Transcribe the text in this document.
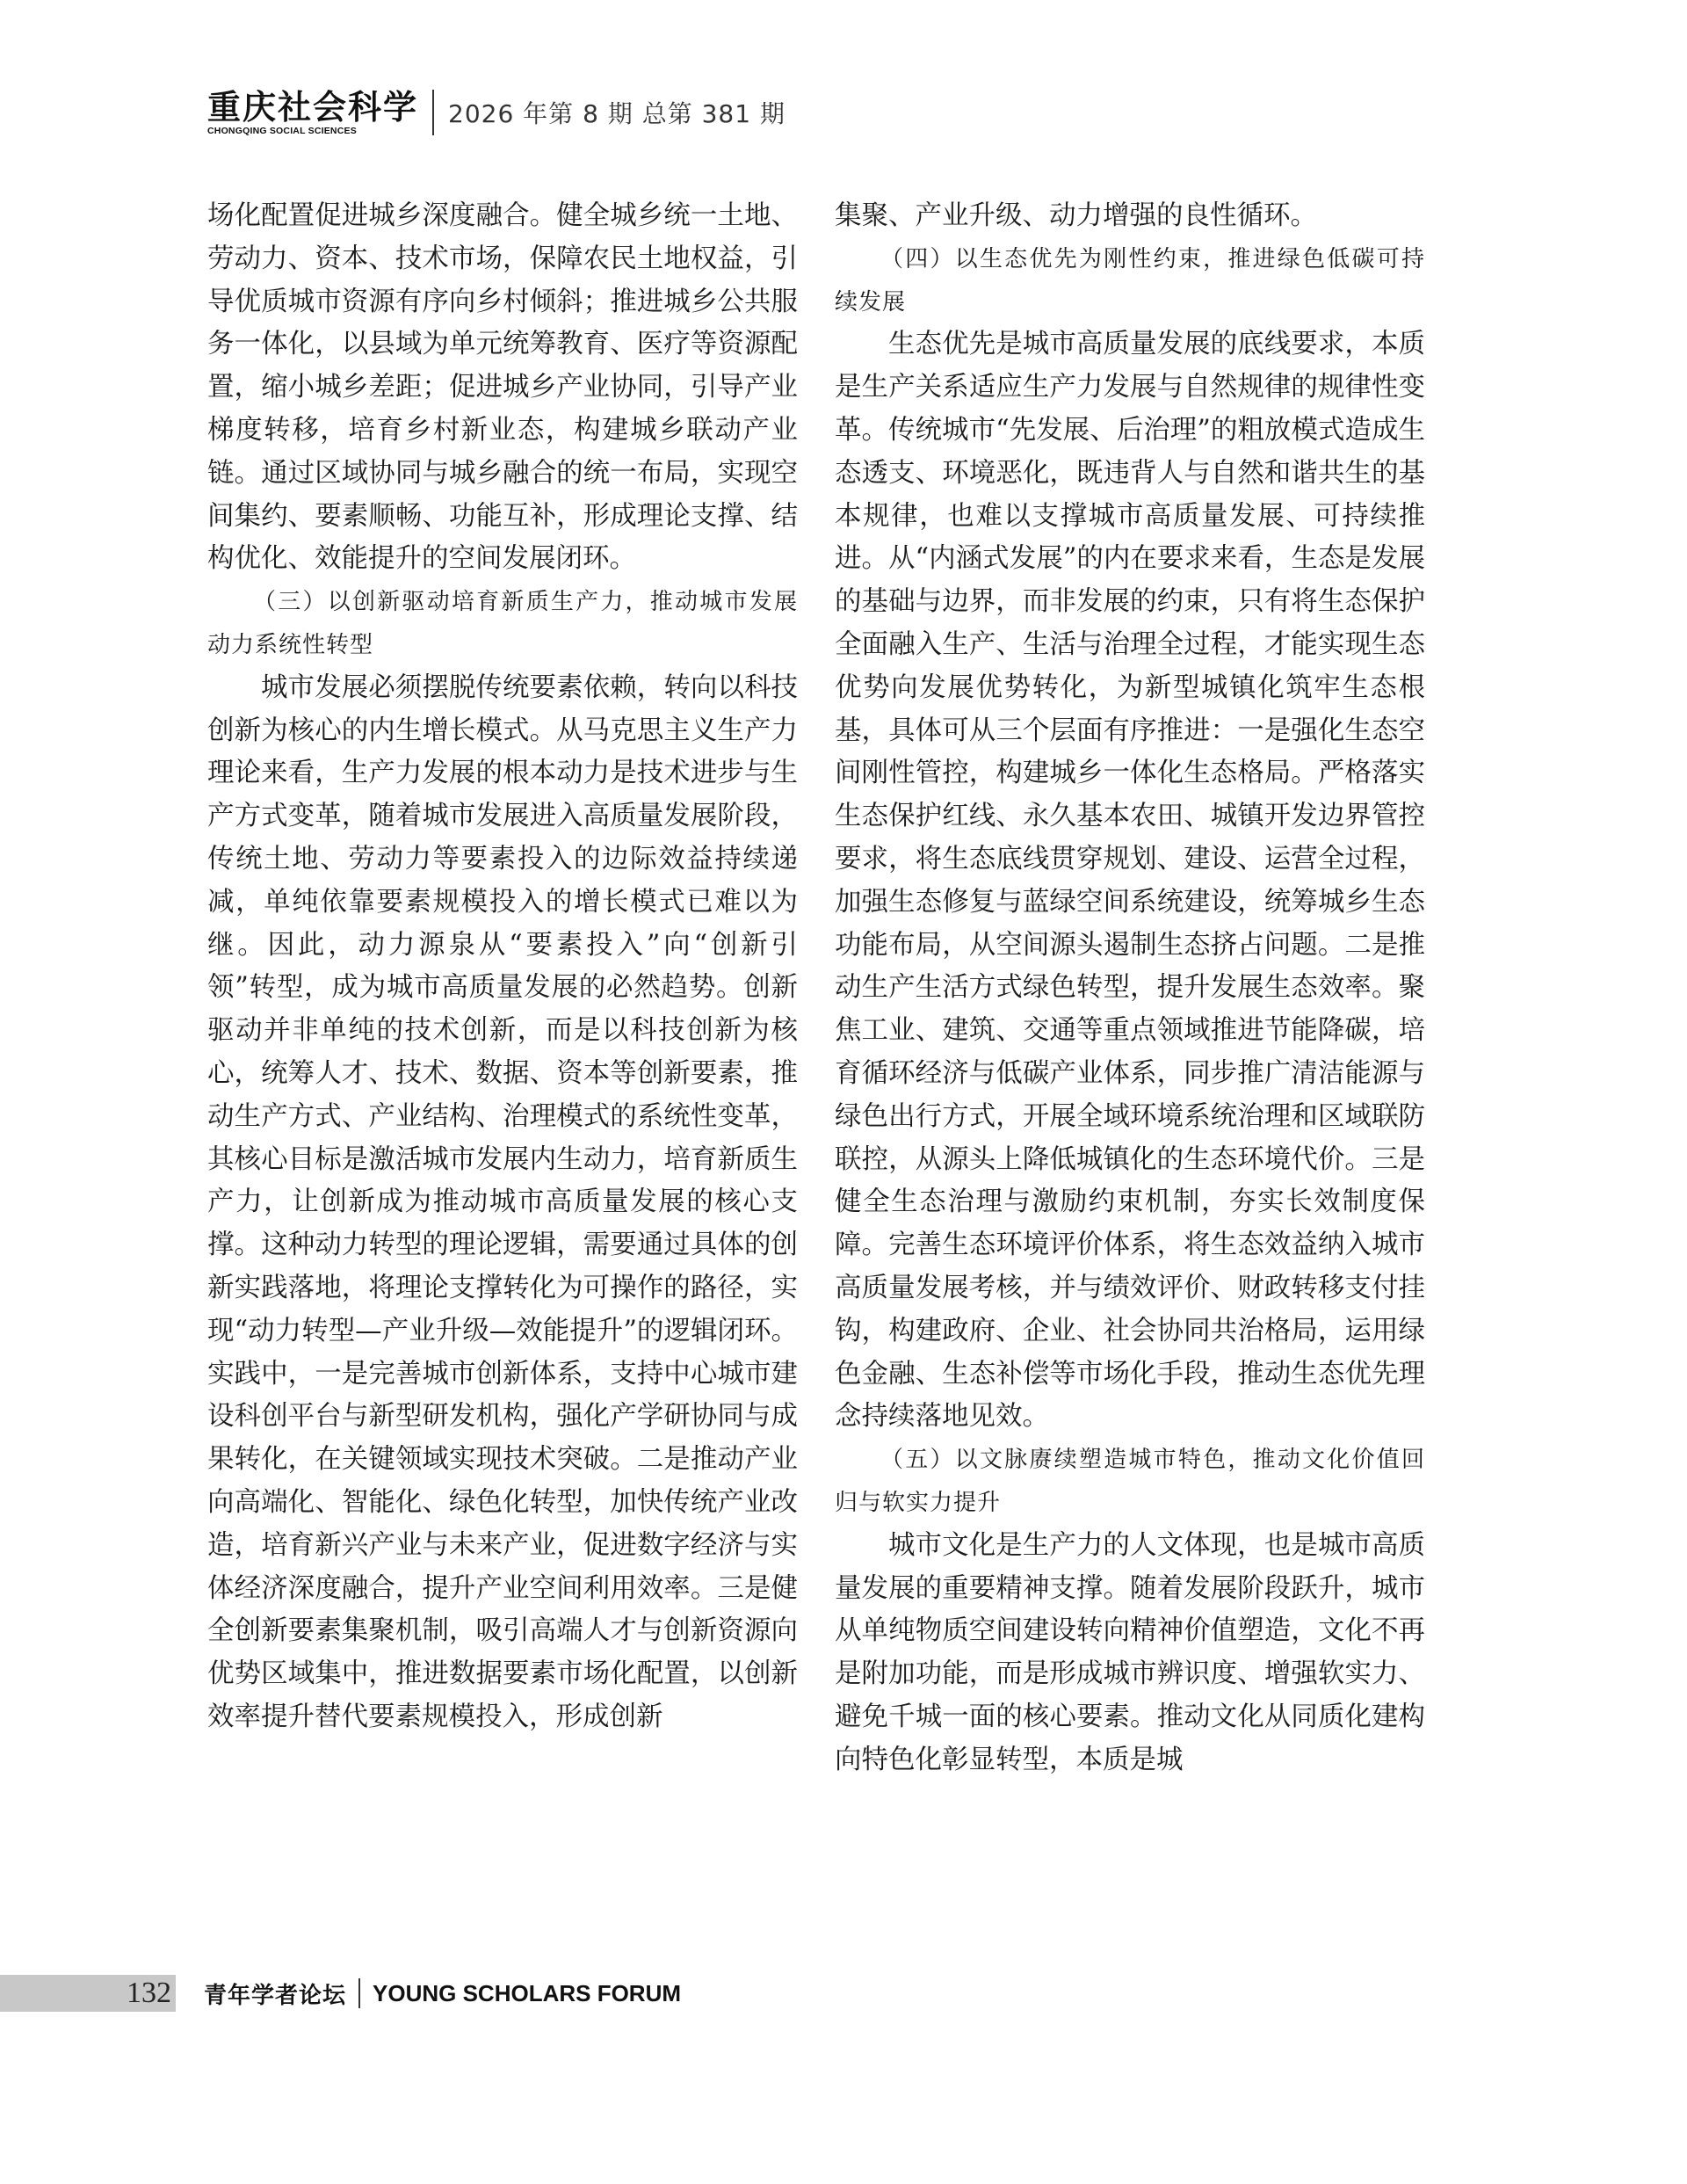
重庆社会科学
CHONGQING SOCIAL SCIENCES
2026 年第 8 期 总第 381 期

场化配置促进城乡深度融合。健全城乡统一土地、劳动力、资本、技术市场，保障农民土地权益，引导优质城市资源有序向乡村倾斜；推进城乡公共服务一体化，以县域为单元统筹教育、医疗等资源配置，缩小城乡差距；促进城乡产业协同，引导产业梯度转移，培育乡村新业态，构建城乡联动产业链。通过区域协同与城乡融合的统一布局，实现空间集约、要素顺畅、功能互补，形成理论支撑、结构优化、效能提升的空间发展闭环。

（三）以创新驱动培育新质生产力，推动城市发展动力系统性转型

城市发展必须摆脱传统要素依赖，转向以科技创新为核心的内生增长模式。从马克思主义生产力理论来看，生产力发展的根本动力是技术进步与生产方式变革，随着城市发展进入高质量发展阶段，传统土地、劳动力等要素投入的边际效益持续递减，单纯依靠要素规模投入的增长模式已难以为继。因此，动力源泉从“要素投入”向“创新引领”转型，成为城市高质量发展的必然趋势。创新驱动并非单纯的技术创新，而是以科技创新为核心，统筹人才、技术、数据、资本等创新要素，推动生产方式、产业结构、治理模式的系统性变革，其核心目标是激活城市发展内生动力，培育新质生产力，让创新成为推动城市高质量发展的核心支撑。这种动力转型的理论逻辑，需要通过具体的创新实践落地，将理论支撑转化为可操作的路径，实现“动力转型—产业升级—效能提升”的逻辑闭环。实践中，一是完善城市创新体系，支持中心城市建设科创平台与新型研发机构，强化产学研协同与成果转化，在关键领域实现技术突破。二是推动产业向高端化、智能化、绿色化转型，加快传统产业改造，培育新兴产业与未来产业，促进数字经济与实体经济深度融合，提升产业空间利用效率。三是健全创新要素集聚机制，吸引高端人才与创新资源向优势区域集中，推进数据要素市场化配置，以创新效率提升替代要素规模投入，形成创新

集聚、产业升级、动力增强的良性循环。

（四）以生态优先为刚性约束，推进绿色低碳可持续发展

生态优先是城市高质量发展的底线要求，本质是生产关系适应生产力发展与自然规律的规律性变革。传统城市“先发展、后治理”的粗放模式造成生态透支、环境恶化，既违背人与自然和谐共生的基本规律，也难以支撑城市高质量发展、可持续推进。从“内涵式发展”的内在要求来看，生态是发展的基础与边界，而非发展的约束，只有将生态保护全面融入生产、生活与治理全过程，才能实现生态优势向发展优势转化，为新型城镇化筑牢生态根基，具体可从三个层面有序推进：一是强化生态空间刚性管控，构建城乡一体化生态格局。严格落实生态保护红线、永久基本农田、城镇开发边界管控要求，将生态底线贯穿规划、建设、运营全过程，加强生态修复与蓝绿空间系统建设，统筹城乡生态功能布局，从空间源头遏制生态挤占问题。二是推动生产生活方式绿色转型，提升发展生态效率。聚焦工业、建筑、交通等重点领域推进节能降碳，培育循环经济与低碳产业体系，同步推广清洁能源与绿色出行方式，开展全域环境系统治理和区域联防联控，从源头上降低城镇化的生态环境代价。三是健全生态治理与激励约束机制，夯实长效制度保障。完善生态环境评价体系，将生态效益纳入城市高质量发展考核，并与绩效评价、财政转移支付挂钩，构建政府、企业、社会协同共治格局，运用绿色金融、生态补偿等市场化手段，推动生态优先理念持续落地见效。

（五）以文脉赓续塑造城市特色，推动文化价值回归与软实力提升

城市文化是生产力的人文体现，也是城市高质量发展的重要精神支撑。随着发展阶段跃升，城市从单纯物质空间建设转向精神价值塑造，文化不再是附加功能，而是形成城市辨识度、增强软实力、避免千城一面的核心要素。推动文化从同质化建构向特色化彰显转型，本质是城

132 青年学者论坛 YOUNG SCHOLARS FORUM
